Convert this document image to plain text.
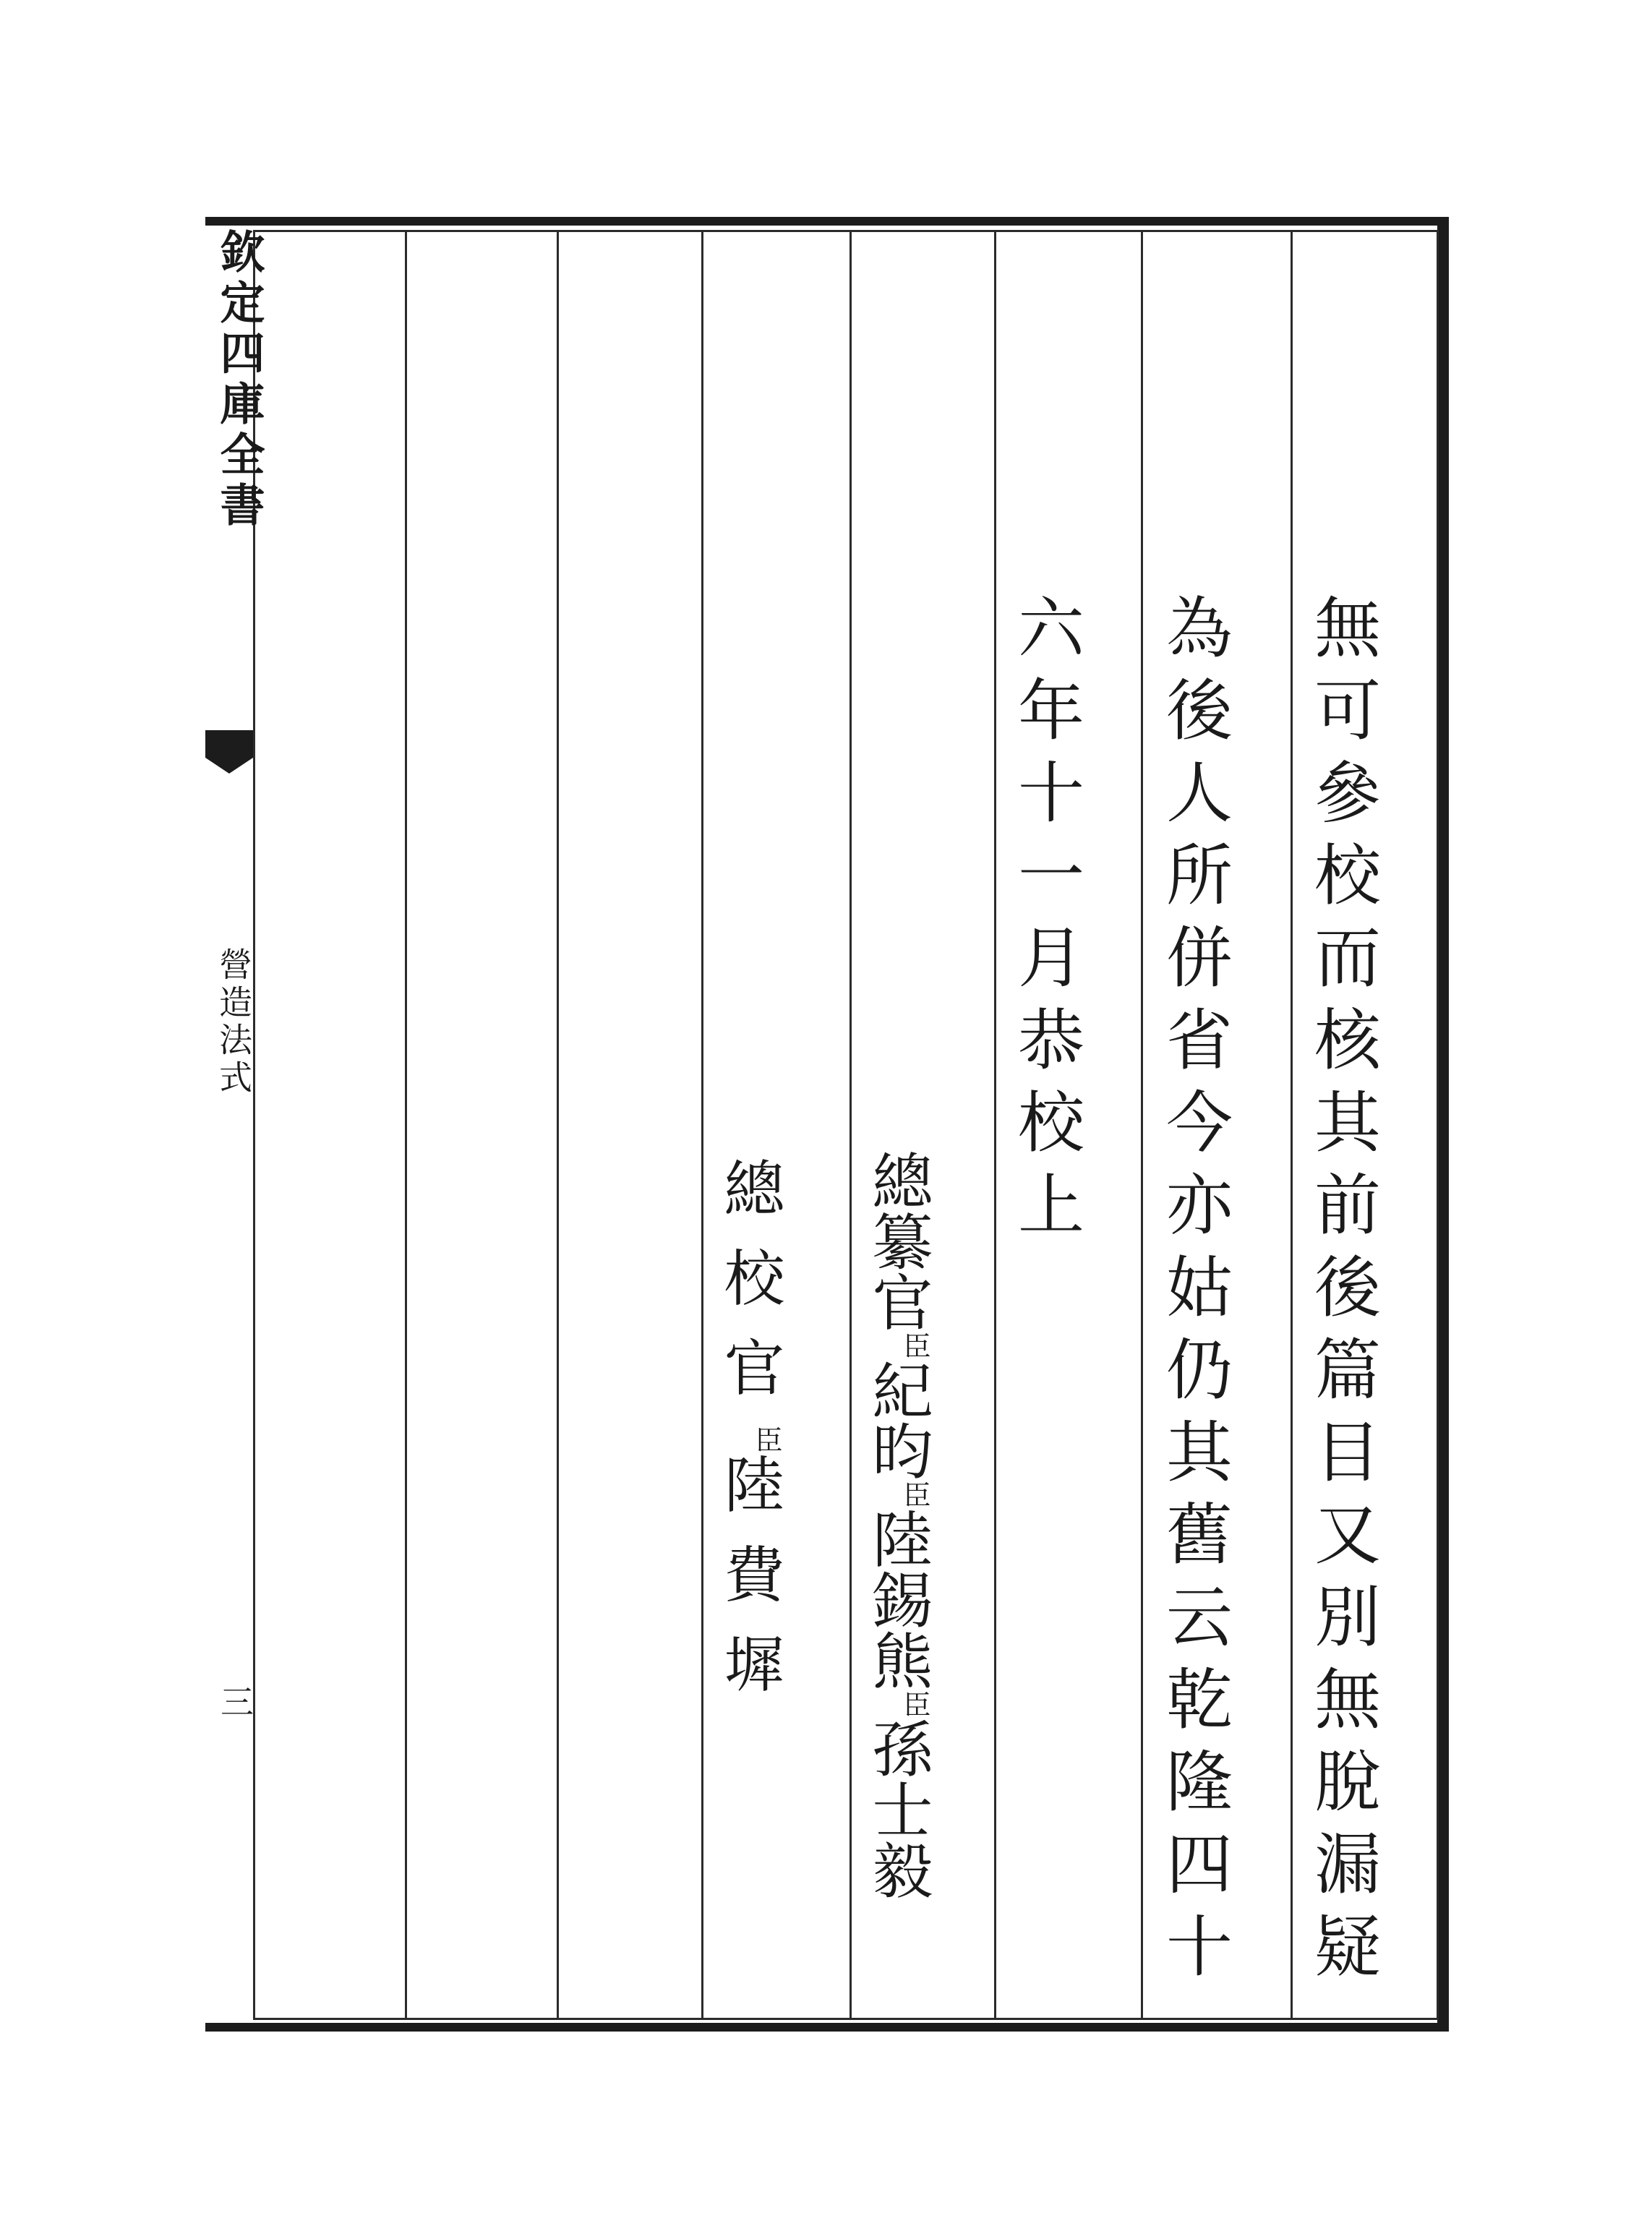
欽定四庫全書
營造法式
三	無可參校而核其前後篇目又別無脫漏疑
為後人所併省今亦姑仍其舊云乾隆四十
六年十一月恭校上
總纂官$^臣$紀昀$^臣$陸錫熊$^臣$孫士毅
總校官$^臣$陸費墀
